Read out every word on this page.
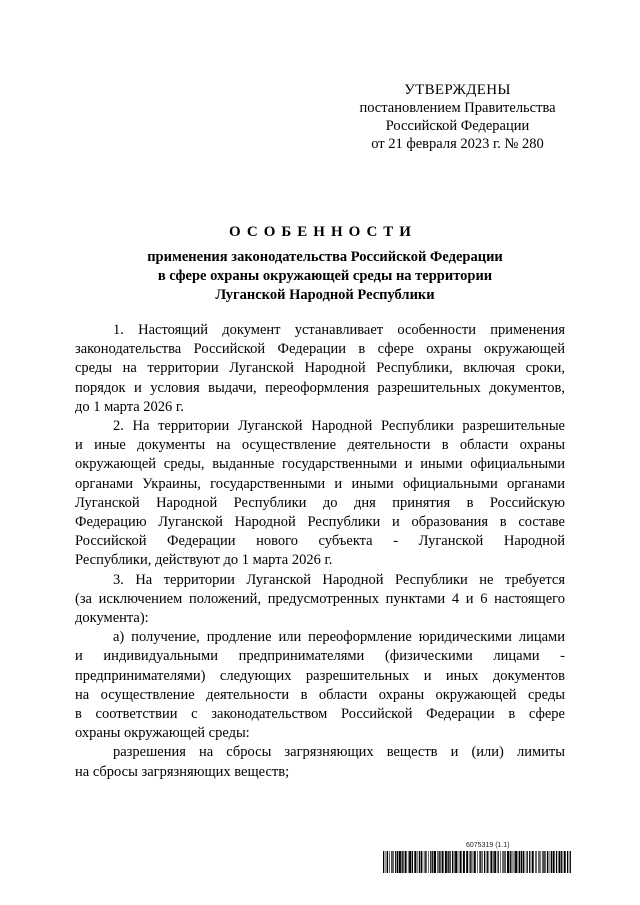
УТВЕРЖДЕНЫ
постановлением Правительства
Российской Федерации
от 21 февраля 2023 г. № 280
ОСОБЕННОСТИ
применения законодательства Российской Федерации
в сфере охраны окружающей среды на территории
Луганской Народной Республики
1. Настоящий документ устанавливает особенности применения
законодательства Российской Федерации в сфере охраны окружающей
среды на территории Луганской Народной Республики, включая сроки,
порядок и условия выдачи, переоформления разрешительных документов,
до 1 марта 2026 г.
2. На территории Луганской Народной Республики разрешительные
и иные документы на осуществление деятельности в области охраны
окружающей среды, выданные государственными и иными официальными
органами Украины, государственными и иными официальными органами
Луганской Народной Республики до дня принятия в Российскую
Федерацию Луганской Народной Республики и образования в составе
Российской Федерации нового субъекта - Луганской Народной
Республики, действуют до 1 марта 2026 г.
3. На территории Луганской Народной Республики не требуется
(за исключением положений, предусмотренных пунктами 4 и 6 настоящего
документа):
а) получение, продление или переоформление юридическими лицами
и индивидуальными предпринимателями (физическими лицами -
предпринимателями) следующих разрешительных и иных документов
на осуществление деятельности в области охраны окружающей среды
в соответствии с законодательством Российской Федерации в сфере
охраны окружающей среды:
разрешения на сбросы загрязняющих веществ и (или) лимиты
на сбросы загрязняющих веществ;
6075319 (1.1)
